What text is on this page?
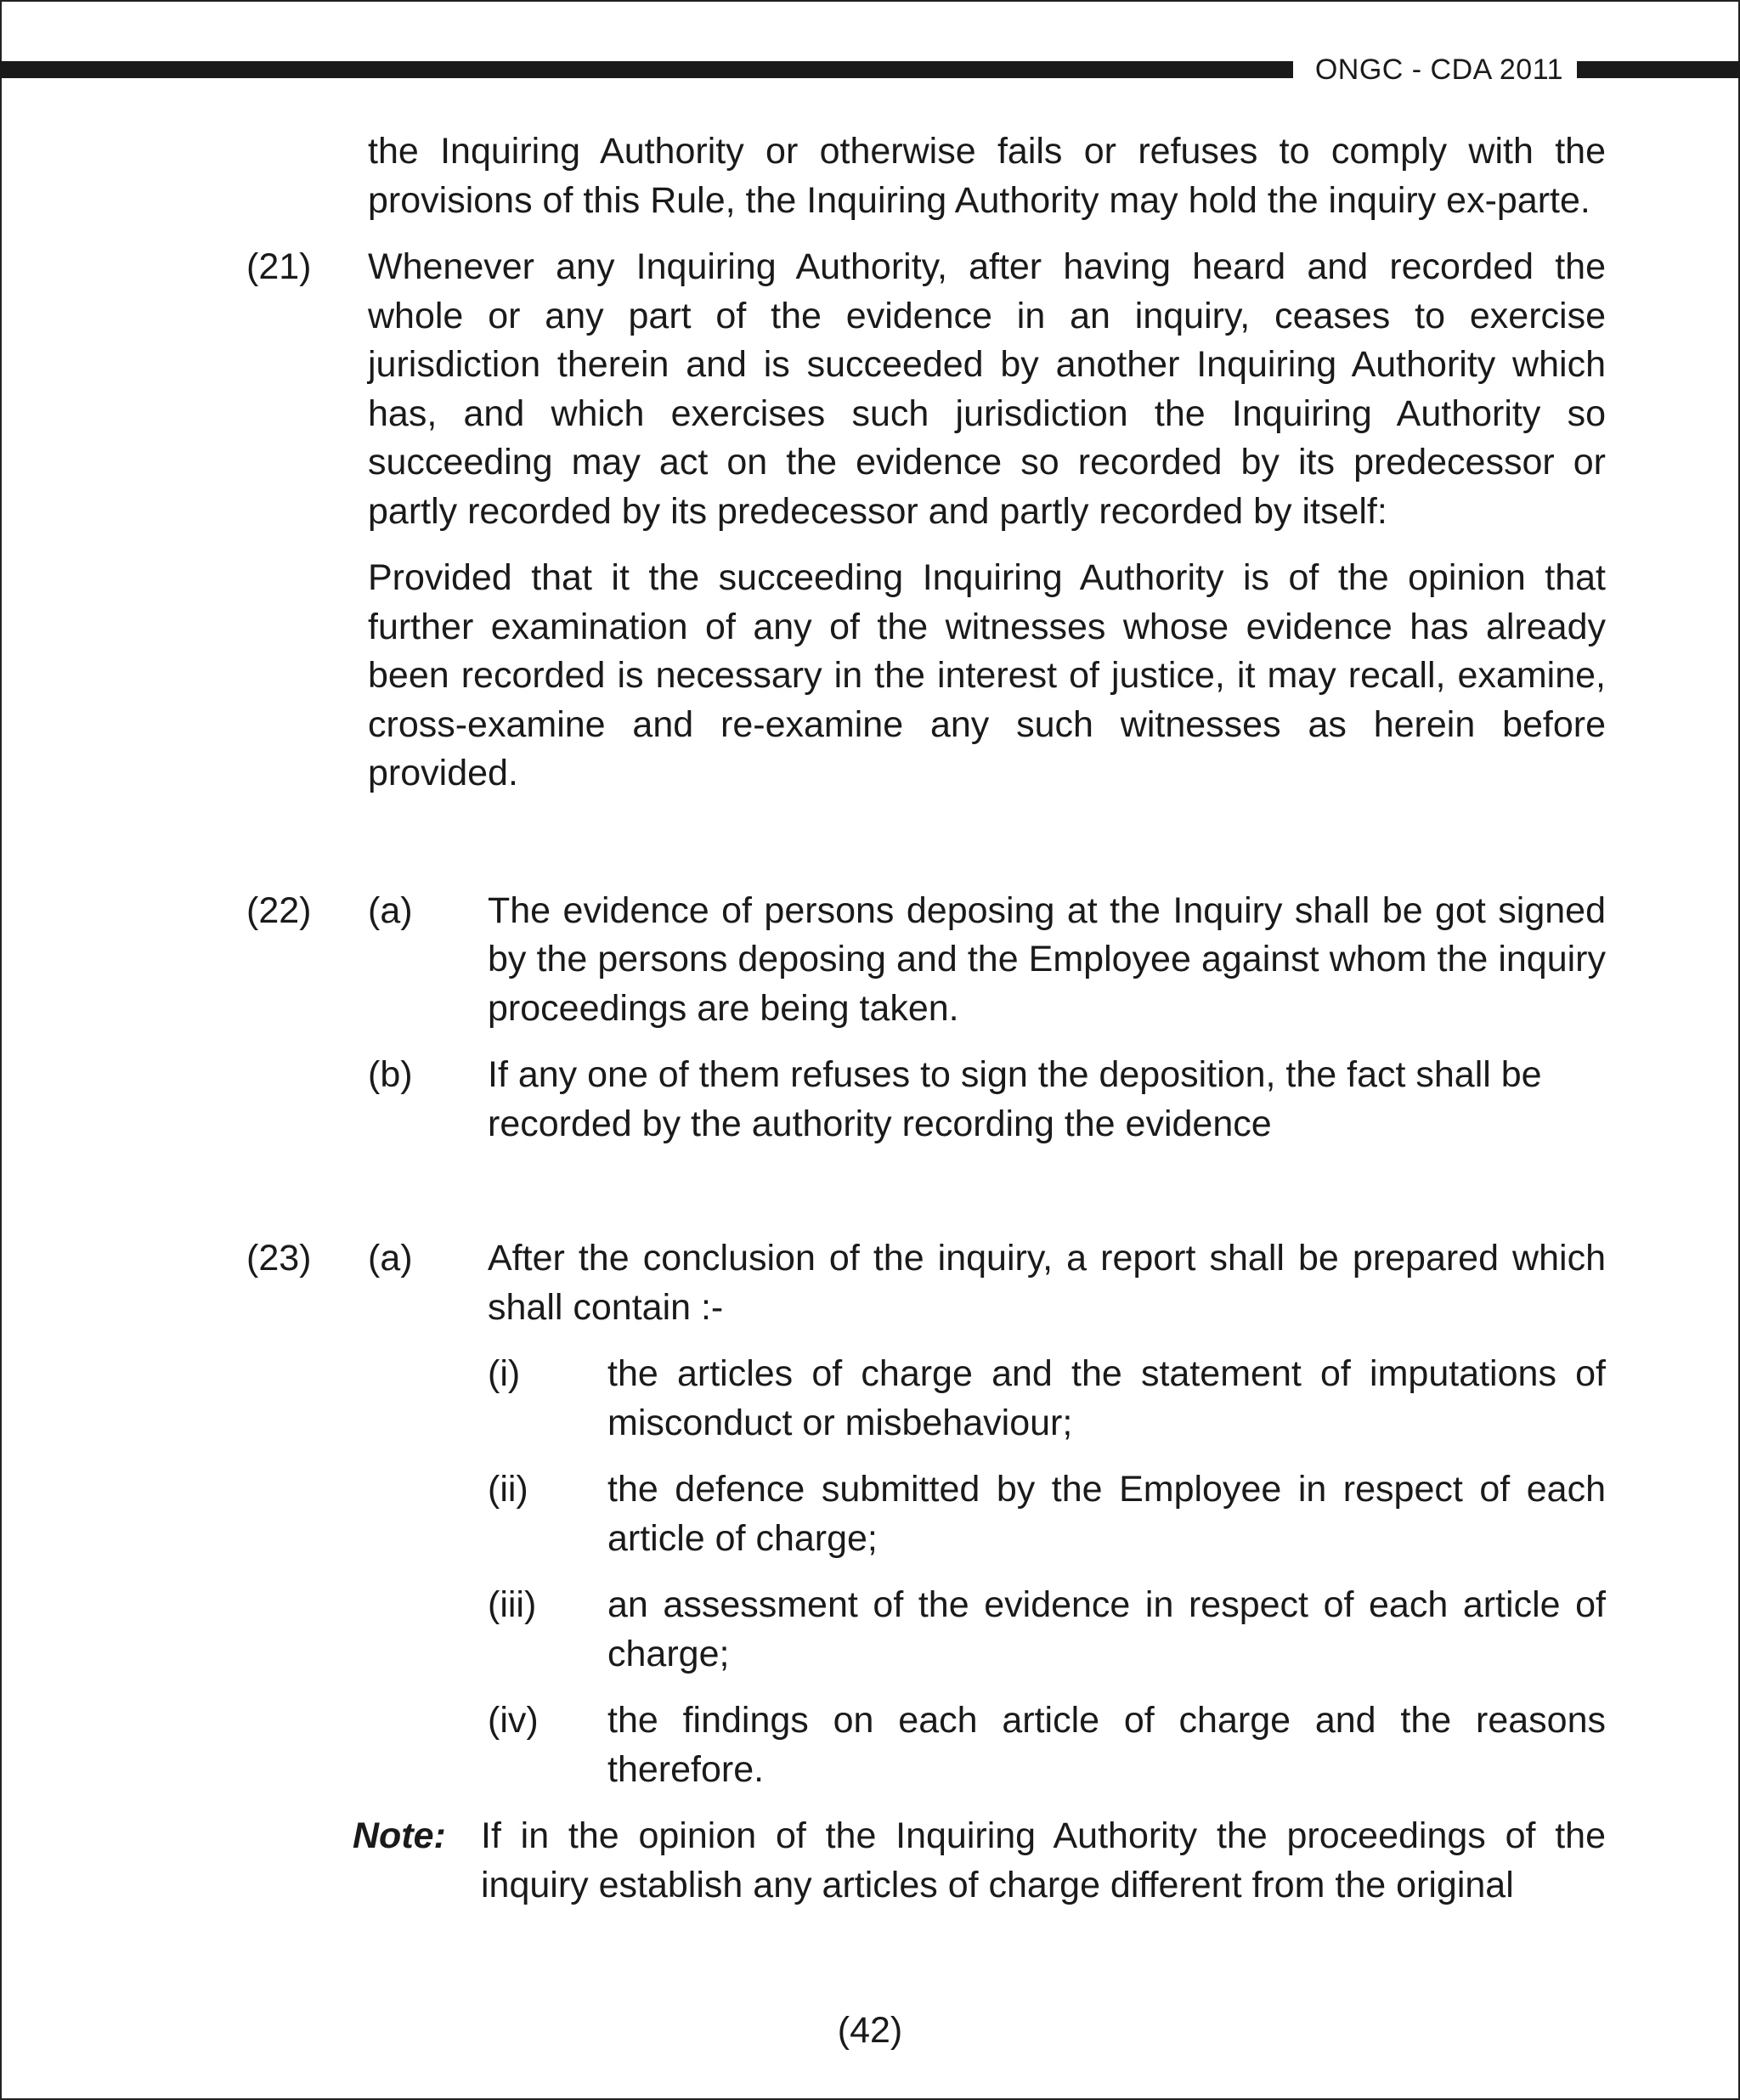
ONGC - CDA 2011

the Inquiring Authority or otherwise fails or refuses to comply with the provisions of this Rule, the Inquiring Authority may hold the inquiry ex-parte.

(21)	Whenever any Inquiring Authority, after having heard and recorded the whole or any part of the evidence in an inquiry, ceases to exercise jurisdiction therein and is succeeded by another Inquiring Authority which has, and which exercises such jurisdiction the Inquiring Authority so succeeding may act on the evidence so recorded by its predecessor or partly recorded by its predecessor and partly recorded by itself:

Provided that it the succeeding Inquiring Authority is of the opinion that further examination of any of the witnesses whose evidence has already been recorded is necessary in the interest of justice, it may recall, examine, cross-examine and re-examine any such witnesses as herein before provided.

(22)	(a)	The evidence of persons deposing at the Inquiry shall be got signed by the persons deposing and the Employee against whom the inquiry proceedings are being taken.

(b)	If any one of them refuses to sign the deposition, the fact shall be recorded by the authority recording the evidence

(23)	(a)	After the conclusion of the inquiry, a report shall be prepared which shall contain :-

(i)	the articles of charge and the statement of imputations of misconduct or misbehaviour;

(ii)	the defence submitted by the Employee in respect of each article of charge;

(iii)	an assessment of the evidence in respect of each article of charge;

(iv)	the findings on each article of charge and the reasons therefore.

Note: If in the opinion of the Inquiring Authority the proceedings of the inquiry establish any articles of charge different from the original

(42)
